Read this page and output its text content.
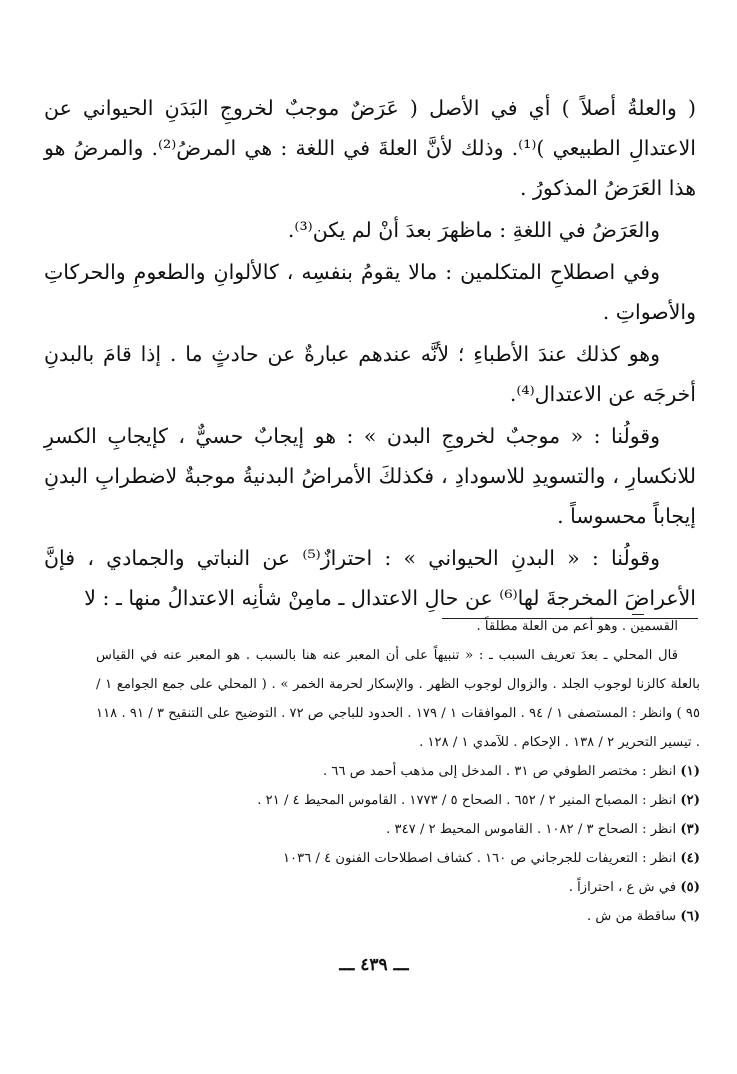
( والعلةُ أصلاً ) أي في الأصل ( عَرَضٌ موجبٌ لخروجِ البَدَنِ الحيواني عن الاعتدالِ الطبيعي )⁽¹⁾. وذلك لأنَّ العلةَ في اللغة : هي المرضُ⁽²⁾. والمرضُ هو هذا العَرَضُ المذكورُ .

والعَرَضُ في اللغةِ : ماظهرَ بعدَ أنْ لم يكن⁽³⁾.

وفي اصطلاحِ المتكلمين : مالا يقومُ بنفسِه ، كالألوانِ والطعومِ والحركاتِ والأصواتِ .

وهو كذلك عندَ الأطباءِ ؛ لأنَّه عندهم عبارةٌ عن حادثٍ ما . إذا قامَ بالبدنِ أخرجَه عن الاعتدال⁽⁴⁾.

وقولُنا : « موجبٌ لخروجِ البدن » : هو إيجابٌ حسيٌّ ، كإيجابِ الكسرِ للانكسارِ ، والتسويدِ للاسودادِ ، فكذلكَ الأمراضُ البدنيةُ موجبةٌ لاضطرابِ البدنِ إيجاباً محسوساً .

وقولُنا : « البدنِ الحيواني » : احترازٌ⁽⁵⁾ عن النباتي والجمادي ، فإنَّ الأعراضَ المخرجةَ لها⁽⁶⁾ عن حالِ الاعتدال ـ مامِنْ شأنِه الاعتدالُ منها ـ : لا

القسمين . وهو أعم من العلة مطلقاً .

قال المحلي ـ بعدَ تعريف السبب ـ : « تنبيهاً على أن المعبر عنه هنا بالسبب . هو المعبر عنه في القياس بالعلة كالزنا لوجوب الجلد . والزوال لوجوب الظهر . والإسكار لحرمة الخمر » . ( المحلي على جمع الجوامع ١ / ٩٥ ) وانظر : المستصفى ١ / ٩٤ . الموافقات ١ / ١٧٩ . الحدود للباجي ص ٧٢ . التوضيح على التنقيح ٣ / ٩١ . ١١٨ . تيسير التحرير ٢ / ١٣٨ . الإحكام . للآمدي ١ / ١٢٨ .

(١) انظر : مختصر الطوفي ص ٣١ . المدخل إلى مذهب أحمد ص ٦٦ .

(٢) انظر : المصباح المنير ٢ / ٦٥٢ . الصحاح ٥ / ١٧٧٣ . القاموس المحيط ٤ / ٢١ .

(٣) انظر : الصحاح ٣ / ١٠٨٢ . القاموس المحيط ٢ / ٣٤٧ .

(٤) انظر : التعريفات للجرجاني ص ١٦٠ . كشاف اصطلاحات الفنون ٤ / ١٠٣٦

(٥) في ش ع ، احترازاً .

(٦) ساقطة من ش .

ـــ ٤٣٩ ـــ
